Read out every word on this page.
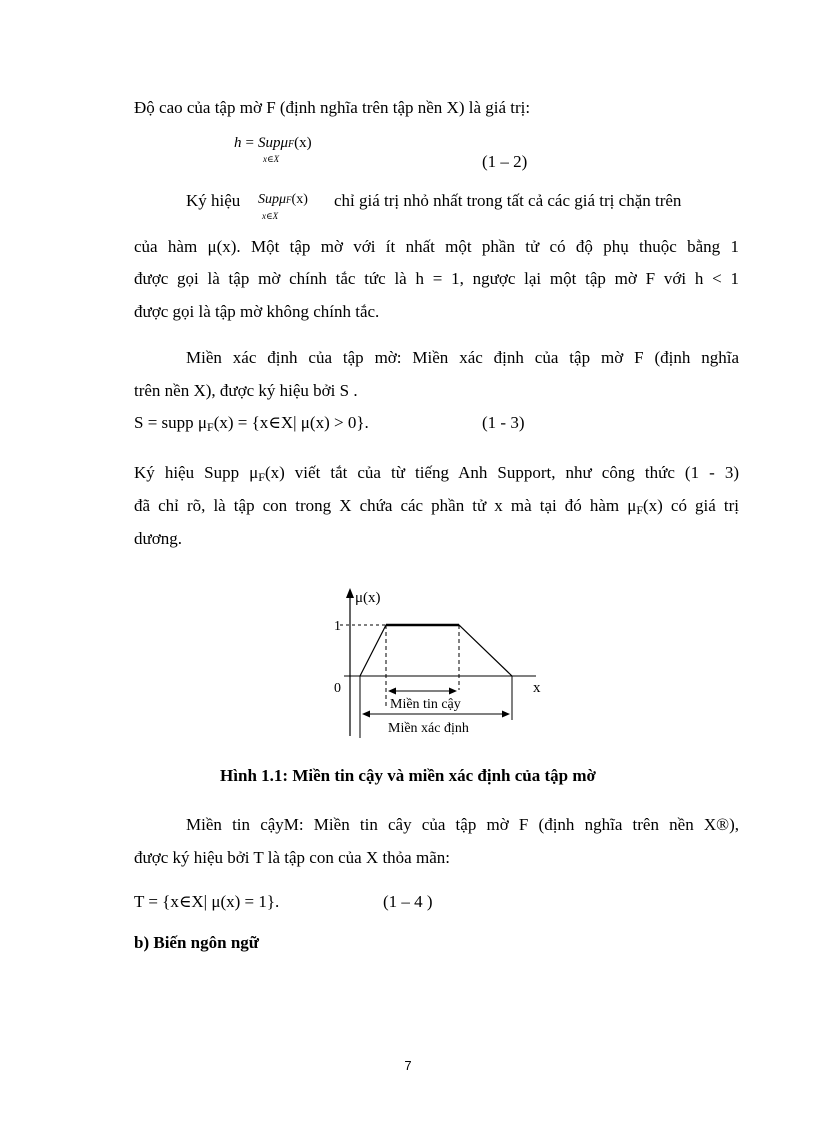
Độ cao của tập mờ F (định nghĩa trên tập nền X) là giá trị:
h = SupμF(x)
x∈X	(1 – 2)
Ký hiệu SupμF(x)
x∈X
chỉ giá trị nhỏ nhất trong tất cả các giá trị chặn trên
của hàm μ(x). Một tập mờ với ít nhất một phần tử có độ phụ thuộc bằng 1
được gọi là tập mờ chính tắc tức là h = 1, ngược lại một tập mờ F với h < 1
được gọi là tập mờ không chính tắc.
Miền xác định của tập mờ: Miền xác định của tập mờ F (định nghĩa
trên nền X), được ký hiệu bởi S .
S = supp $\mu_F(x)$ = {x∈X| μ(x) > 0}.	(1 - 3)
Ký hiệu Supp $\mu_F(x)$ viết tắt của từ tiếng Anh Support, như công thức (1 - 3)
đã chỉ rõ, là tập con trong X chứa các phần tử x mà tại đó hàm $\mu_F(x)$ có giá trị
dương.
μ(x)
1
0	x
Miền tin cậy
Miền xác định
Hình 1.1: Miền tin cậy và miền xác định của tập mờ
Miền tin cậyM: Miền tin cây của tập mờ F (định nghĩa trên nền X®),
được ký hiệu bởi T là tập con của X thỏa mãn:
T = {x∈X| μ(x) = 1}.	(1 – 4 )
b) Biến ngôn ngữ
7
